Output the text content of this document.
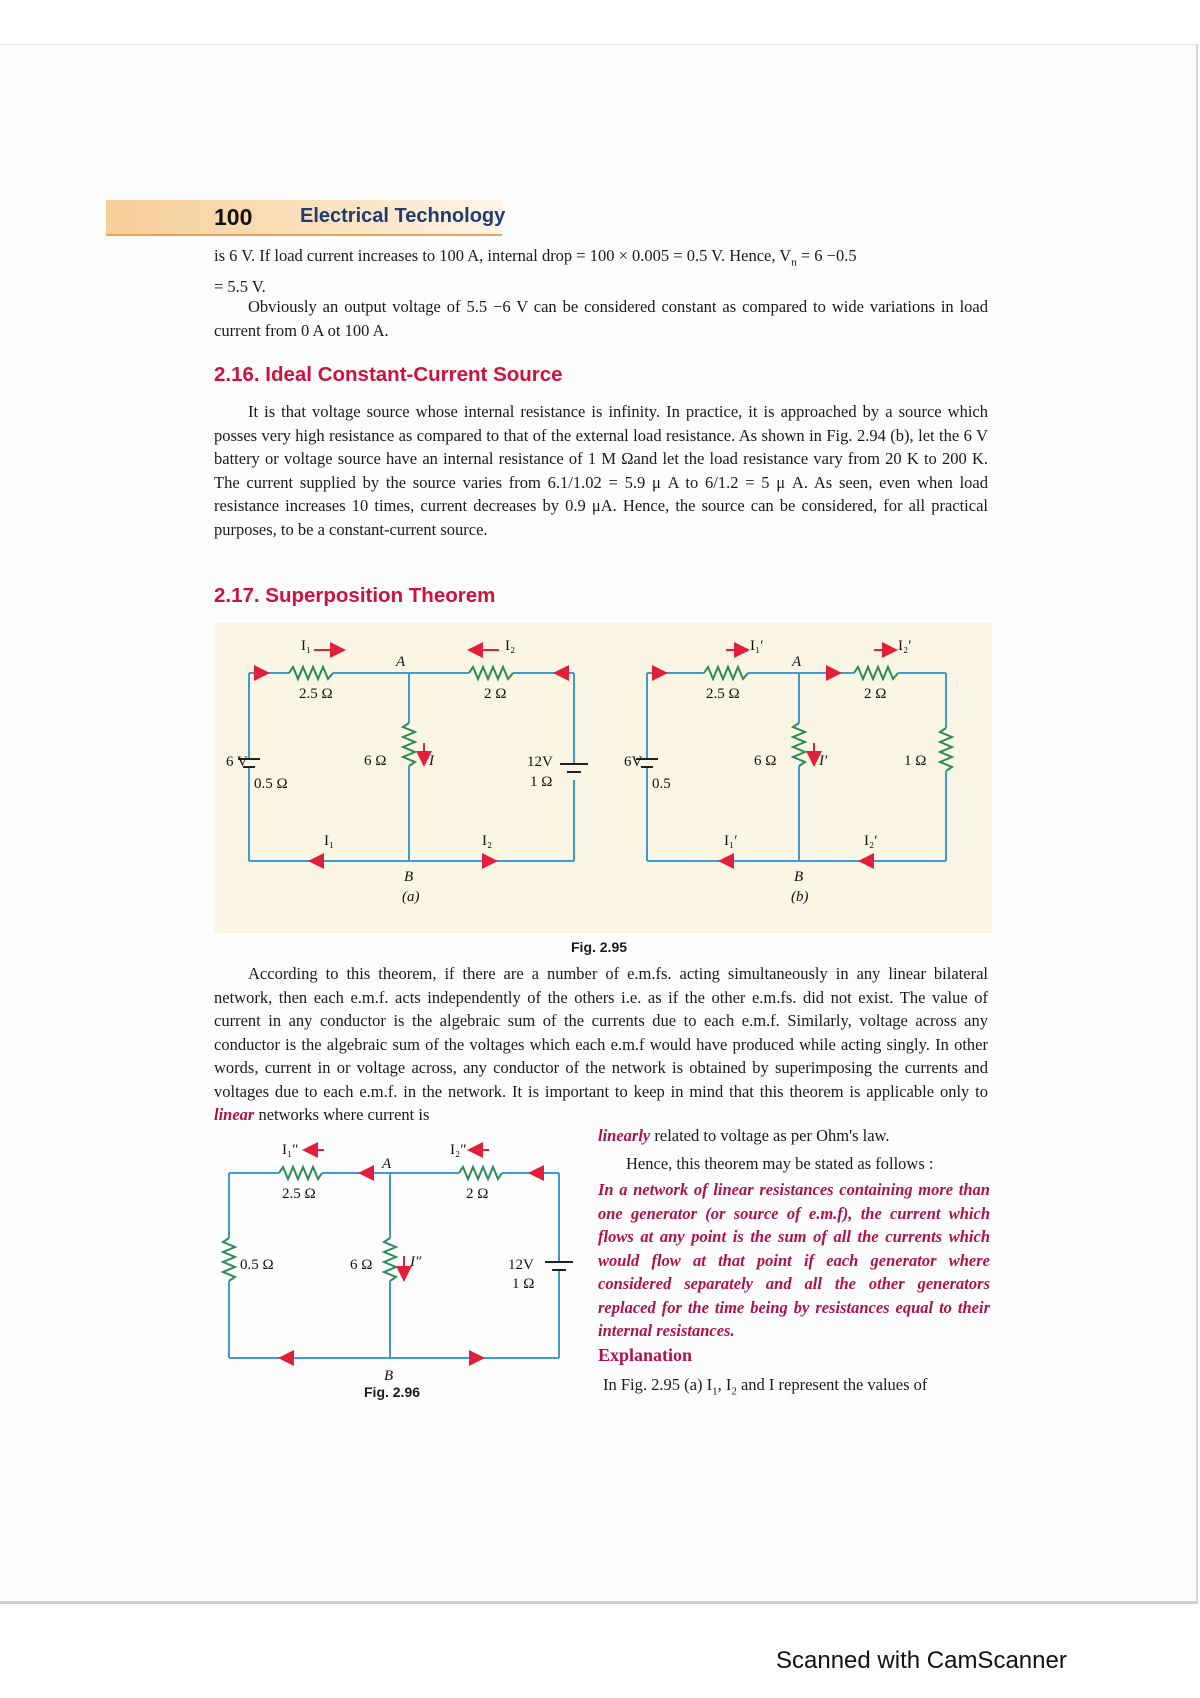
100 Electrical Technology
is 6 V. If load current increases to 100 A, internal drop = 100 × 0.005 = 0.5 V. Hence, $V_n = 6 -0.5$
= 5.5 V.
Obviously an output voltage of 5.5 −6 V can be considered constant as compared to wide variations in load current from 0 A ot 100 A.
2.16. Ideal Constant-Current Source
It is that voltage source whose internal resistance is infinity. In practice, it is approached by a source which posses very high resistance as compared to that of the external load resistance. As shown in Fig. 2.94 (b), let the 6 V battery or voltage source have an internal resistance of 1 M Ωand let the load resistance vary from 20 K to 200 K. The current supplied by the source varies from 6.1/1.02 = 5.9 μ A to 6/1.2 = 5 μ A. As seen, even when load resistance increases 10 times, current decreases by 0.9 μA. Hence, the source can be considered, for all practical purposes, to be a constant-current source.
2.17. Superposition Theorem
I₁	I₂
A
2.5 Ω	2 Ω
6 Ω	I
6 V
0.5 Ω
12V
1 Ω
I₁	I₂
B
(a)
I₁′	I₂′
A
2.5 Ω	2 Ω
6 Ω	I′	1 Ω
6V
0.5
I₁′	I₂′
B
(b)
Fig. 2.95
According to this theorem, if there are a number of e.m.fs. acting simultaneously in any linear bilateral network, then each e.m.f. acts independently of the others i.e. as if the other e.m.fs. did not exist. The value of current in any conductor is the algebraic sum of the currents due to each e.m.f. Similarly, voltage across any conductor is the algebraic sum of the voltages which each e.m.f would have produced while acting singly. In other words, current in or voltage across, any conductor of the network is obtained by superimposing the currents and voltages due to each e.m.f. in the network. It is important to keep in mind that this theorem is applicable only to linear networks where current is
I₁″	I₂″
A
2.5 Ω	2 Ω
0.5 Ω	6 Ω	I″	12V
1 Ω
B
Fig. 2.96
linearly related to voltage as per Ohm's law.
Hence, this theorem may be stated as follows :
In a network of linear resistances containing more than one generator (or source of e.m.f), the current which flows at any point is the sum of all the currents which would flow at that point if each generator where considered separately and all the other generators replaced for the time being by resistances equal to their internal resistances.
Explanation
In Fig. 2.95 (a) $I_1$, $I_2$ and I represent the values of
Scanned with CamScanner
